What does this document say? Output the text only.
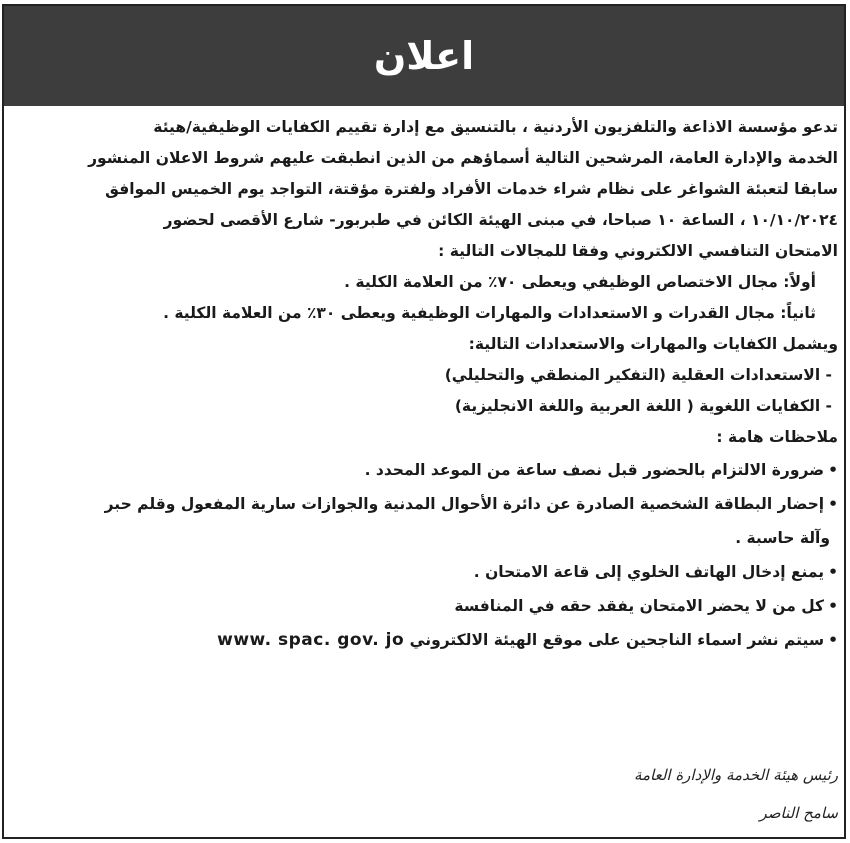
اعلان
تدعو مؤسسة الاذاعة والتلفزيون الأردنية ، بالتنسيق مع إدارة تقييم الكفايات الوظيفية/هيئة
الخدمة والإدارة العامة، المرشحين التالية أسماؤهم من الذين انطبقت عليهم شروط الاعلان المنشور
سابقا لتعبئة الشواغر على نظام شراء خدمات الأفراد ولفترة مؤقتة، التواجد يوم الخميس الموافق
١٠/١٠/٢٠٢٤ ، الساعة ١٠ صباحا، في مبنى الهيئة الكائن في طبربور- شارع الأقصى لحضور
الامتحان التنافسي الالكتروني وفقا للمجالات التالية :
أولاً: مجال الاختصاص الوظيفي ويعطى ٧٠٪ من العلامة الكلية .
ثانياً: مجال القدرات و الاستعدادات والمهارات الوظيفية ويعطى ٣٠٪ من العلامة الكلية .
ويشمل الكفايات والمهارات والاستعدادات التالية:
- الاستعدادات العقلية (التفكير المنطقي والتحليلي)
- الكفايات اللغوية ( اللغة العربية واللغة الانجليزية)
ملاحظات هامة :
•ضرورة الالتزام بالحضور قبل نصف ساعة من الموعد المحدد .
•إحضار البطاقة الشخصية الصادرة عن دائرة الأحوال المدنية والجوازات سارية المفعول وقلم حبر
وآلة حاسبة .
•يمنع إدخال الهاتف الخلوي إلى قاعة الامتحان .
•كل من لا يحضر الامتحان يفقد حقه في المنافسة
•سيتم نشر اسماء الناجحين على موقع الهيئة الالكتروني www. spac. gov. jo
رئيس هيئة الخدمة والإدارة العامة
سامح الناصر
